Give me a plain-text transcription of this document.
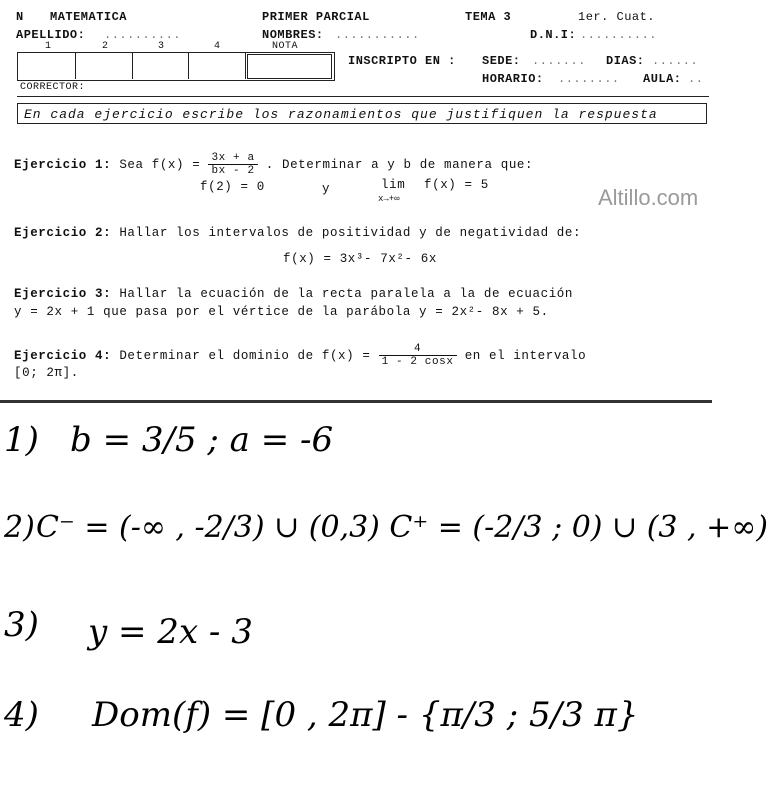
N MATEMATICA	PRIMER PARCIAL	TEMA 3	1er. Cuat.
APELLIDO: ..........	NOMBRES: ...........	D.N.I: ..........
1	2	3	4	NOTA
CORRECTOR:
INSCRIPTO EN : SEDE: ....... DIAS: ......
HORARIO: ........ AULA: ..
En cada ejercicio escribe los razonamientos que justifiquen la respuesta
Altillo.com
Ejercicio 1: Sea $f(x) = \frac{3x + a}{bx - 2}$ . Determinar a y b de manera que:
f(2) = 0	y	lim
x→+∞
f(x) = 5
Ejercicio 2: Hallar los intervalos de positividad y de negatividad de:
f(x) = 3x³- 7x²- 6x
Ejercicio 3: Hallar la ecuación de la recta paralela a la de ecuación
y = 2x + 1 que pasa por el vértice de la parábola y = 2x²- 8x + 5.
Ejercicio 4: Determinar el dominio de $f(x) = \frac{4}{1 - 2 \cos x}$ en el intervalo
[0; 2π].
1) b = 3/5 ; a = -6
2) C⁻ = (-∞ , -2/3) ∪ (0,3) C⁺ = (-2/3 ; 0) ∪ (3 , +∞)
3) y = 2x - 3
4) Dom(f) = [0 , 2π] - {π/3 ; 5/3 π}
